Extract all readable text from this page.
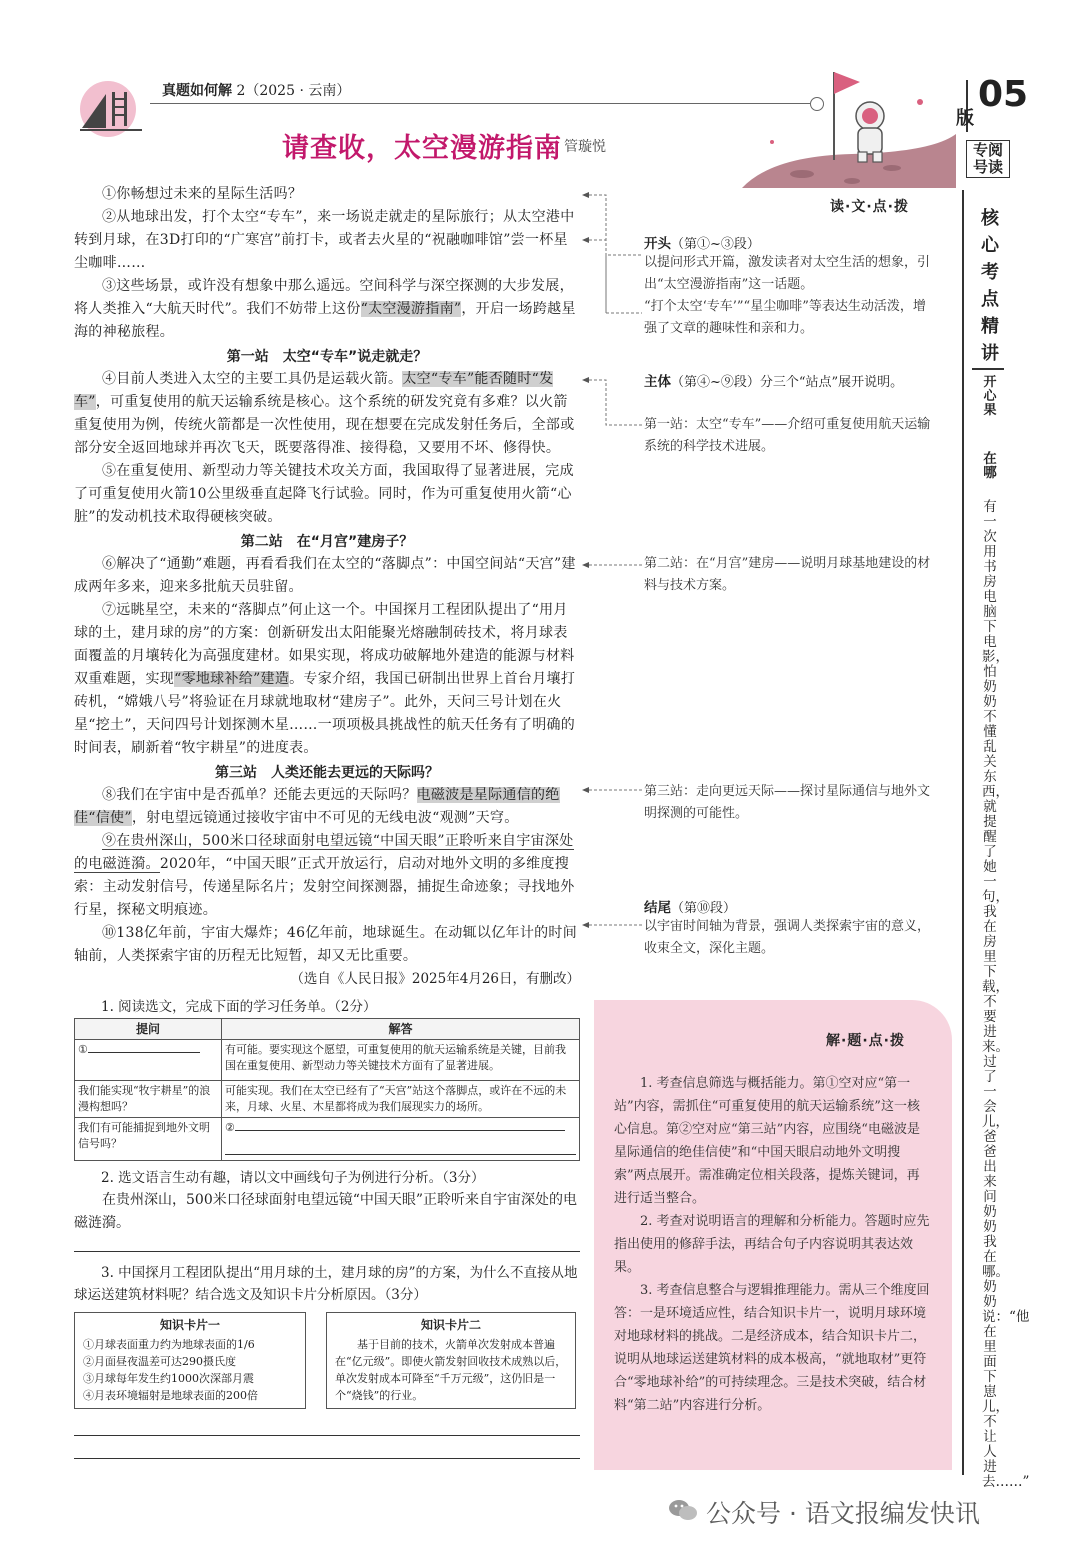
真题如何解 2（2025 · 云南）
请查收，太空漫游指南 管璇悦
05
版
专阅号读
核心考点精讲
开心果
在哪
有一次用书房电脑下电影，怕奶奶不懂乱关东西，就提醒了她一句，我在房里下载，不要进来。过了一会儿，爸爸出来问奶奶我在哪。奶奶说：“他在里面下崽儿，不让人进去……”

①你畅想过未来的星际生活吗？

②从地球出发，打个太空“专车”，来一场说走就走的星际旅行；从太空港中转到月球，在3D打印的“广寒宫”前打卡，或者去火星的“祝融咖啡馆”尝一杯星尘咖啡……

③这些场景，或许没有想象中那么遥远。空间科学与深空探测的大步发展，将人类推入“大航天时代”。我们不妨带上这份“太空漫游指南”，开启一场跨越星海的神秘旅程。

第一站　太空“专车”说走就走？

④目前人类进入太空的主要工具仍是运载火箭。太空“专车”能否随时“发车”，可重复使用的航天运输系统是核心。这个系统的研发究竟有多难？以火箭重复使用为例，传统火箭都是一次性使用，现在想要在完成发射任务后，全部或部分安全返回地球并再次飞天，既要落得准、接得稳，又要用不坏、修得快。

⑤在重复使用、新型动力等关键技术攻关方面，我国取得了显著进展，完成了可重复使用火箭10公里级垂直起降飞行试验。同时，作为可重复使用火箭“心脏”的发动机技术取得硬核突破。

第二站　在“月宫”建房子？

⑥解决了“通勤”难题，再看看我们在太空的“落脚点”：中国空间站“天宫”建成两年多来，迎来多批航天员驻留。

⑦远眺星空，未来的“落脚点”何止这一个。中国探月工程团队提出了“用月球的土，建月球的房”的方案：创新研发出太阳能聚光熔融制砖技术，将月球表面覆盖的月壤转化为高强度建材。如果实现，将成功破解地外建造的能源与材料双重难题，实现“零地球补给”建造。专家介绍，我国已研制出世界上首台月壤打砖机，“嫦娥八号”将验证在月球就地取材“建房子”。此外，天问三号计划在火星“挖土”，天问四号计划探测木星……一项项极具挑战性的航天任务有了明确的时间表，刷新着“牧宇耕星”的进度表。

第三站　人类还能去更远的天际吗？

⑧我们在宇宙中是否孤单？还能去更远的天际吗？电磁波是星际通信的绝佳“信使”，射电望远镜通过接收宇宙中不可见的无线电波“观测”天穹。

⑨在贵州深山，500米口径球面射电望远镜“中国天眼”正聆听来自宇宙深处的电磁涟漪。2020年，“中国天眼”正式开放运行，启动对地外文明的多维度搜索：主动发射信号，传递星际名片；发射空间探测器，捕捉生命迹象；寻找地外行星，探秘文明痕迹。

⑩138亿年前，宇宙大爆炸；46亿年前，地球诞生。在动辄以亿年计的时间轴前，人类探索宇宙的历程无比短暂，却又无比重要。

（选自《人民日报》2025年4月26日，有删改）
读·文·点·拨
开头（第①~③段）
以提问形式开篇，激发读者对太空生活的想象，引出“太空漫游指南”这一话题。
“打个太空‘专车’”“星尘咖啡”等表达生动活泼，增强了文章的趣味性和亲和力。
主体（第④~⑨段）分三个“站点”展开说明。
第一站：太空“专车”——介绍可重复使用航天运输系统的科学技术进展。
第二站：在“月宫”建房——说明月球基地建设的材料与技术方案。
第三站：走向更远天际——探讨星际通信与地外文明探测的可能性。
结尾（第⑩段）
以宇宙时间轴为背景，强调人类探索宇宙的意义，收束全文，深化主题。
1. 阅读选文，完成下面的学习任务单。（2分）
提问	解答
①	有可能。要实现这个愿望，可重复使用的航天运输系统是关键，目前我国在重复使用、新型动力等关键技术方面有了显著进展。
我们能实现“牧宇耕星”的浪漫构想吗？	可能实现。我们在太空已经有了“天宫”站这个落脚点，或许在不远的未来，月球、火星、木星都将成为我们展现实力的场所。
我们有可能捕捉到地外文明信号吗？	②
2. 选文语言生动有趣，请以文中画线句子为例进行分析。（3分）
在贵州深山，500米口径球面射电望远镜“中国天眼”正聆听来自宇宙深处的电磁涟漪。
3. 中国探月工程团队提出“用月球的土，建月球的房”的方案，为什么不直接从地球运送建筑材料呢？结合选文及知识卡片分析原因。（3分）
知识卡片一
①月球表面重力约为地球表面的1/6
②月面昼夜温差可达290摄氏度
③月球每年发生约1000次深部月震
④月表环境辐射是地球表面的200倍
知识卡片二
基于目前的技术，火箭单次发射成本普遍在“亿元级”。即使火箭发射回收技术成熟以后，单次发射成本可降至“千万元级”，这仍旧是一个“烧钱”的行业。
解·题·点·拨

1. 考查信息筛选与概括能力。第①空对应“第一站”内容，需抓住“可重复使用的航天运输系统”这一核心信息。第②空对应“第三站”内容，应围绕“电磁波是星际通信的绝佳信使”和“中国天眼启动地外文明搜索”两点展开。需准确定位相关段落，提炼关键词，再进行适当整合。

2. 考查对说明语言的理解和分析能力。答题时应先指出使用的修辞手法，再结合句子内容说明其表达效果。

3. 考查信息整合与逻辑推理能力。需从三个维度回答：一是环境适应性，结合知识卡片一，说明月球环境对地球材料的挑战。二是经济成本，结合知识卡片二，说明从地球运送建筑材料的成本极高，“就地取材”更符合“零地球补给”的可持续理念。三是技术突破，结合材料“第二站”内容进行分析。

公众号 · 语文报编发快讯
